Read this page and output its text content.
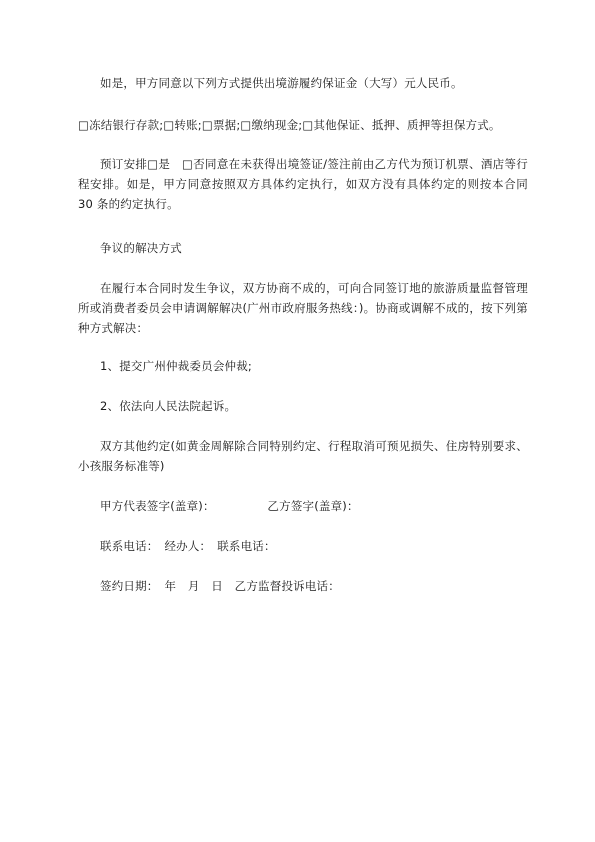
如是，甲方同意以下列方式提供出境游履约保证金（大写）元人民币。

□冻结银行存款;□转账;□票据;□缴纳现金;□其他保证、抵押、质押等担保方式。

预订安排□是　□否同意在未获得出境签证/签注前由乙方代为预订机票、酒店等行程安排。如是，甲方同意按照双方具体约定执行，如双方没有具体约定的则按本合同 30 条的约定执行。

争议的解决方式

在履行本合同时发生争议，双方协商不成的，可向合同签订地的旅游质量监督管理所或消费者委员会申请调解解决(广州市政府服务热线：)。协商或调解不成的，按下列第　　种方式解决：

1、提交广州仲裁委员会仲裁;

2、依法向人民法院起诉。

双方其他约定(如黄金周解除合同特别约定、行程取消可预见损失、住房特别要求、小孩服务标准等)

甲方代表签字(盖章)：　　　　　乙方签字(盖章)：

联系电话：　经办人：　联系电话：

签约日期：　年　月　日　乙方监督投诉电话：
